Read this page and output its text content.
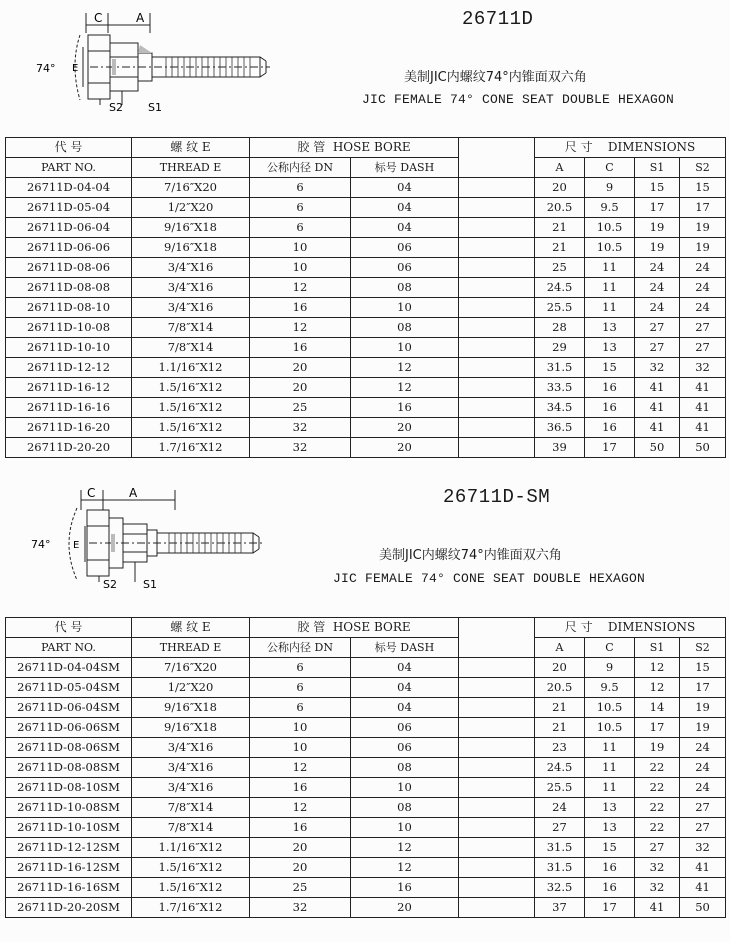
C	A
74° E
S2 S1
26711D
美制JIC内螺纹74°内锥面双六角
JIC FEMALE 74° CONE SEAT DOUBLE HEXAGON
代 号	螺 纹 E	胶 管 HOSE BORE			尺 寸 DIMENSIONS			
PART NO.	THREAD E	公称内径 DN	标号 DASH		A	C	S1	S2
26711D-04-04	7/16″X20	6	04		20	9	15	15
26711D-05-04	1/2″X20	6	04		20.5	9.5	17	17
26711D-06-04	9/16″X18	6	04		21	10.5	19	19
26711D-06-06	9/16″X18	10	06		21	10.5	19	19
26711D-08-06	3/4″X16	10	06		25	11	24	24
26711D-08-08	3/4″X16	12	08		24.5	11	24	24
26711D-08-10	3/4″X16	16	10		25.5	11	24	24
26711D-10-08	7/8″X14	12	08		28	13	27	27
26711D-10-10	7/8″X14	16	10		29	13	27	27
26711D-12-12	1.1/16″X12	20	12		31.5	15	32	32
26711D-16-12	1.5/16″X12	20	12		33.5	16	41	41
26711D-16-16	1.5/16″X12	25	16		34.5	16	41	41
26711D-16-20	1.5/16″X12	32	20		36.5	16	41	41
26711D-20-20	1.7/16″X12	32	20		39	17	50	50
C	A
74° E
S2 S1
26711D-SM
美制JIC内螺纹74°内锥面双六角
JIC FEMALE 74° CONE SEAT DOUBLE HEXAGON
代 号	螺 纹 E	胶 管 HOSE BORE			尺 寸 DIMENSIONS			
PART NO.	THREAD E	公称内径 DN	标号 DASH		A	C	S1	S2
26711D-04-04SM	7/16″X20	6	04		20	9	12	15
26711D-05-04SM	1/2″X20	6	04		20.5	9.5	12	17
26711D-06-04SM	9/16″X18	6	04		21	10.5	14	19
26711D-06-06SM	9/16″X18	10	06		21	10.5	17	19
26711D-08-06SM	3/4″X16	10	06		23	11	19	24
26711D-08-08SM	3/4″X16	12	08		24.5	11	22	24
26711D-08-10SM	3/4″X16	16	10		25.5	11	22	24
26711D-10-08SM	7/8″X14	12	08		24	13	22	27
26711D-10-10SM	7/8″X14	16	10		27	13	22	27
26711D-12-12SM	1.1/16″X12	20	12		31.5	15	27	32
26711D-16-12SM	1.5/16″X12	20	12		31.5	16	32	41
26711D-16-16SM	1.5/16″X12	25	16		32.5	16	32	41
26711D-20-20SM	1.7/16″X12	32	20		37	17	41	50
